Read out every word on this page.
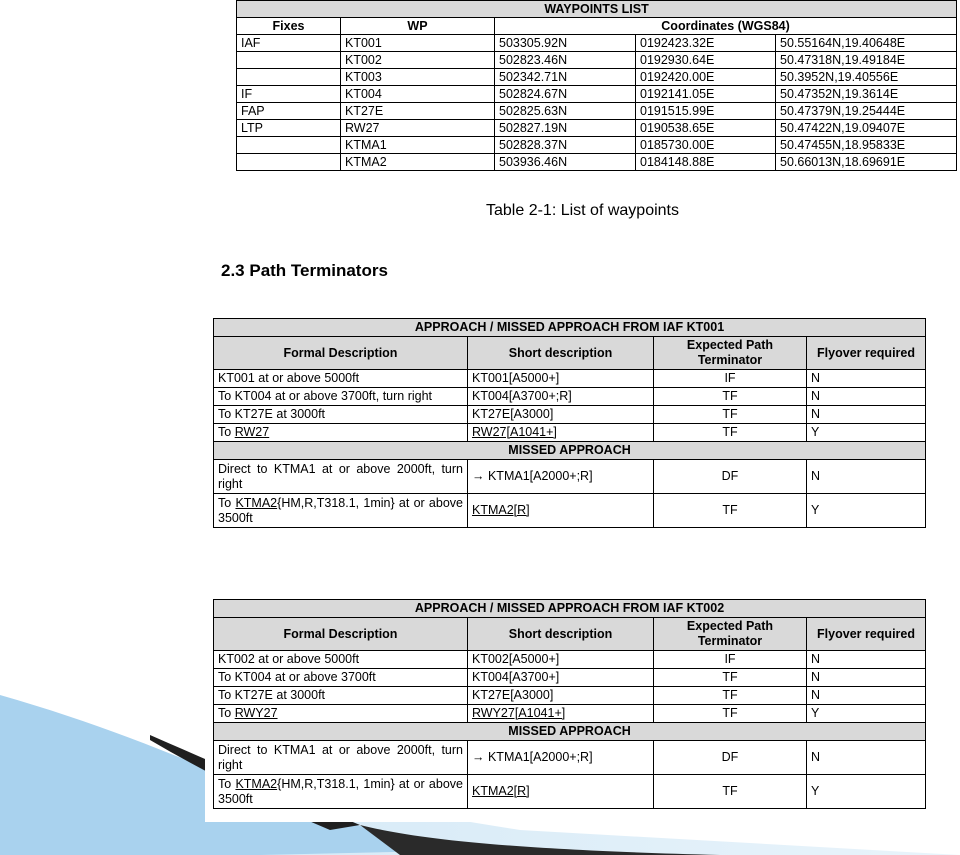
WAYPOINTS LIST				
Fixes	WP	Coordinates (WGS84)		
IAF	KT001	503305.92N	0192423.32E	50.55164N,19.40648E
	KT002	502823.46N	0192930.64E	50.47318N,19.49184E
	KT003	502342.71N	0192420.00E	50.3952N,19.40556E
IF	KT004	502824.67N	0192141.05E	50.47352N,19.3614E
FAP	KT27E	502825.63N	0191515.99E	50.47379N,19.25444E
LTP	RW27	502827.19N	0190538.65E	50.47422N,19.09407E
	KTMA1	502828.37N	0185730.00E	50.47455N,18.95833E
	KTMA2	503936.46N	0184148.88E	50.66013N,18.69691E
Table 2-1: List of waypoints
2.3 Path Terminators
APPROACH / MISSED APPROACH FROM IAF KT001			
Formal Description	Short description	Expected Path Terminator	Flyover required
KT001 at or above 5000ft	KT001[A5000+]	IF	N
To KT004 at or above 3700ft, turn right	KT004[A3700+;R]	TF	N
To KT27E at 3000ft	KT27E[A3000]	TF	N
To RW27	RW27[A1041+]	TF	Y
MISSED APPROACH			
Direct to KTMA1 at or above 2000ft, turn right	→ KTMA1[A2000+;R]	DF	N
To KTMA2{HM,R,T318.1, 1min} at or above 3500ft	KTMA2[R]	TF	Y
APPROACH / MISSED APPROACH FROM IAF KT002			
Formal Description	Short description	Expected Path Terminator	Flyover required
KT002 at or above 5000ft	KT002[A5000+]	IF	N
To KT004 at or above 3700ft	KT004[A3700+]	TF	N
To KT27E at 3000ft	KT27E[A3000]	TF	N
To RWY27	RWY27[A1041+]	TF	Y
MISSED APPROACH			
Direct to KTMA1 at or above 2000ft, turn right	→ KTMA1[A2000+;R]	DF	N
To KTMA2{HM,R,T318.1, 1min} at or above 3500ft	KTMA2[R]	TF	Y
